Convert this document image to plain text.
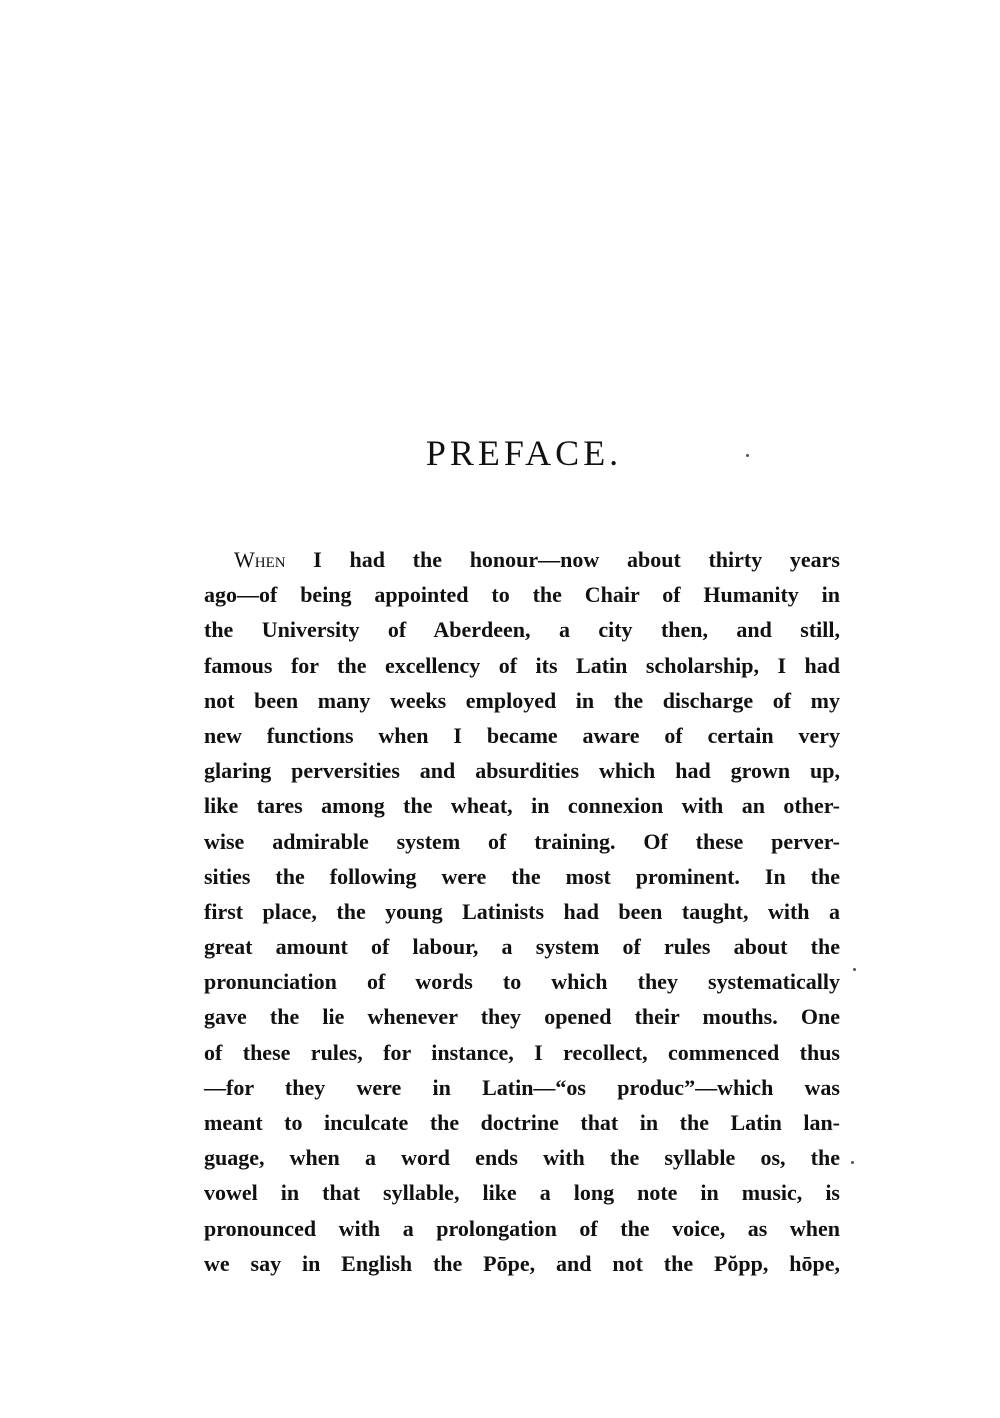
PREFACE.
When I had the honour—now about thirty years
ago—of being appointed to the Chair of Humanity in
the University of Aberdeen, a city then, and still,
famous for the excellency of its Latin scholarship, I had
not been many weeks employed in the discharge of my
new functions when I became aware of certain very
glaring perversities and absurdities which had grown up,
like tares among the wheat, in connexion with an other-
wise admirable system of training. Of these perver-
sities the following were the most prominent. In the
first place, the young Latinists had been taught, with a
great amount of labour, a system of rules about the
pronunciation of words to which they systematically
gave the lie whenever they opened their mouths. One
of these rules, for instance, I recollect, commenced thus
—for they were in Latin—“os produc”—which was
meant to inculcate the doctrine that in the Latin lan-
guage, when a word ends with the syllable os, the
vowel in that syllable, like a long note in music, is
pronounced with a prolongation of the voice, as when
we say in English the Pōpe, and not the Pŏpp, hōpe,
